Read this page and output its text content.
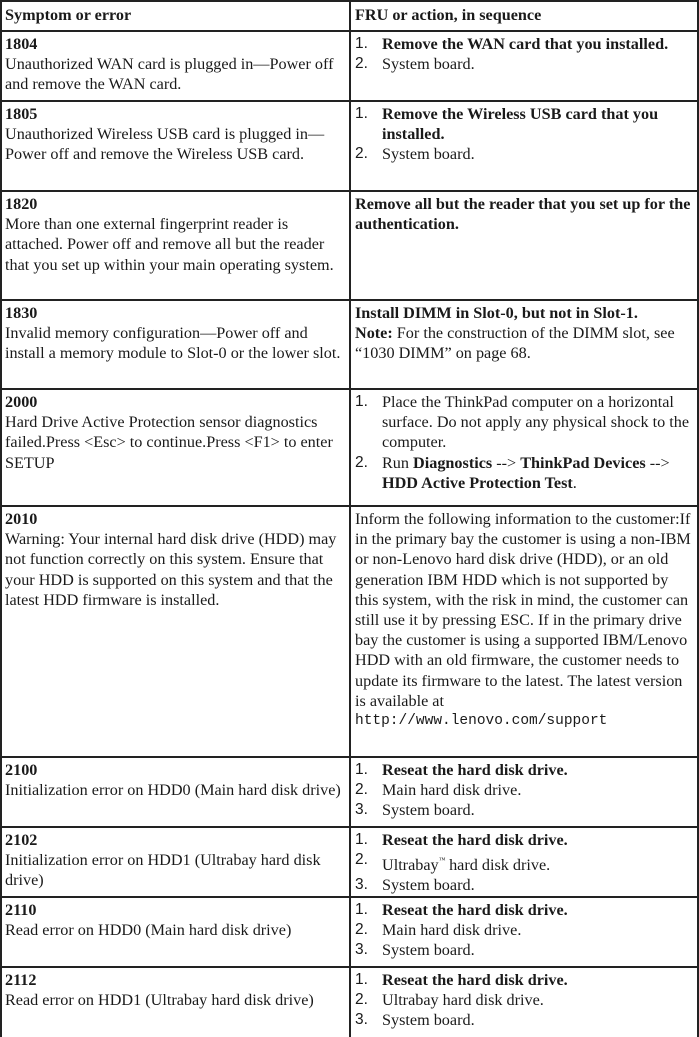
Symptom or error	FRU or action, in sequence
1804
Unauthorized WAN card is plugged in—Power off and remove the WAN card.
1. Remove the WAN card that you installed.
2. System board.
1805
Unauthorized Wireless USB card is plugged in—Power off and remove the Wireless USB card.
1. Remove the Wireless USB card that you installed.
2. System board.
1820
More than one external fingerprint reader is attached. Power off and remove all but the reader that you set up within your main operating system.
Remove all but the reader that you set up for the authentication.
1830
Invalid memory configuration—Power off and install a memory module to Slot-0 or the lower slot.
Install DIMM in Slot-0, but not in Slot-1.
Note: For the construction of the DIMM slot, see “1030 DIMM” on page 68.
2000
Hard Drive Active Protection sensor diagnostics failed.Press <Esc> to continue.Press <F1> to enter SETUP
1. Place the ThinkPad computer on a horizontal surface. Do not apply any physical shock to the computer.
2. Run Diagnostics --> ThinkPad Devices --> HDD Active Protection Test.
2010
Warning: Your internal hard disk drive (HDD) may not function correctly on this system. Ensure that your HDD is supported on this system and that the latest HDD firmware is installed.
Inform the following information to the customer:If in the primary bay the customer is using a non-IBM or non-Lenovo hard disk drive (HDD), or an old generation IBM HDD which is not supported by this system, with the risk in mind, the customer can still use it by pressing ESC. If in the primary drive bay the customer is using a supported IBM/Lenovo HDD with an old firmware, the customer needs to update its firmware to the latest. The latest version is available at
http://www.lenovo.com/support
2100
Initialization error on HDD0 (Main hard disk drive)
1. Reseat the hard disk drive.
2. Main hard disk drive.
3. System board.
2102
Initialization error on HDD1 (Ultrabay hard disk drive)
1. Reseat the hard disk drive.
2. Ultrabay™ hard disk drive.
3. System board.
2110
Read error on HDD0 (Main hard disk drive)
1. Reseat the hard disk drive.
2. Main hard disk drive.
3. System board.
2112
Read error on HDD1 (Ultrabay hard disk drive)
1. Reseat the hard disk drive.
2. Ultrabay hard disk drive.
3. System board.
